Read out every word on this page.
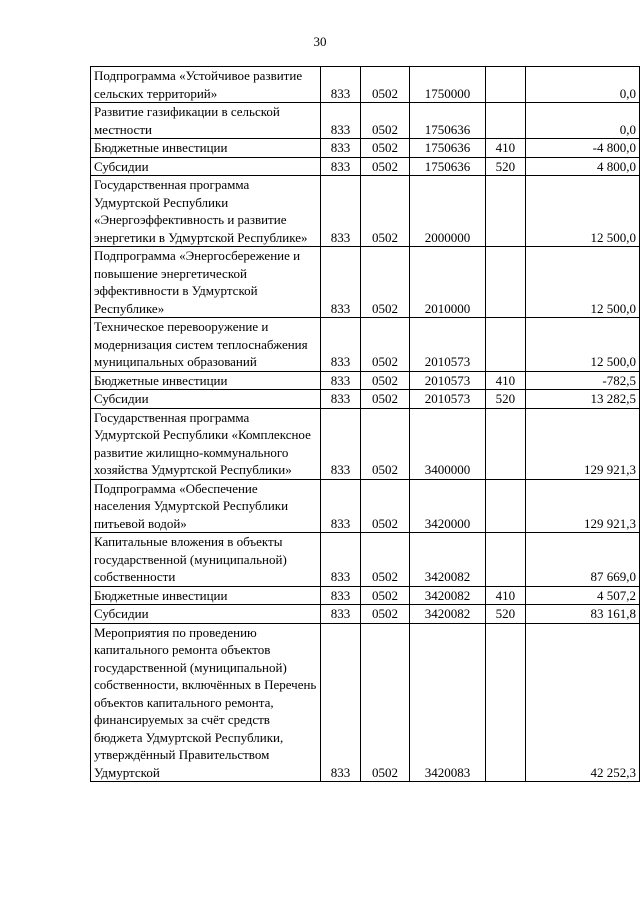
30
Подпрограмма «Устойчивое развитие сельских территорий»	833	0502	1750000		0,0
Развитие газификации в сельской местности	833	0502	1750636		0,0
Бюджетные инвестиции	833	0502	1750636	410	-4 800,0
Субсидии	833	0502	1750636	520	4 800,0
Государственная программа Удмуртской Республики «Энергоэффективность и развитие энергетики в Удмуртской Республике»	833	0502	2000000		12 500,0
Подпрограмма «Энергосбережение и повышение энергетической эффективности в Удмуртской Республике»	833	0502	2010000		12 500,0
Техническое перевооружение и модернизация систем теплоснабжения муниципальных образований	833	0502	2010573		12 500,0
Бюджетные инвестиции	833	0502	2010573	410	-782,5
Субсидии	833	0502	2010573	520	13 282,5
Государственная программа Удмуртской Республики «Комплексное развитие жилищно-коммунального хозяйства Удмуртской Республики»	833	0502	3400000		129 921,3
Подпрограмма «Обеспечение населения Удмуртской Республики питьевой водой»	833	0502	3420000		129 921,3
Капитальные вложения в объекты государственной (муниципальной) собственности	833	0502	3420082		87 669,0
Бюджетные инвестиции	833	0502	3420082	410	4 507,2
Субсидии	833	0502	3420082	520	83 161,8
Мероприятия по проведению капитального ремонта объектов государственной (муниципальной) собственности, включённых в Перечень объектов капитального ремонта, финансируемых за счёт средств бюджета Удмуртской Республики, утверждённый Правительством Удмуртской	833	0502	3420083		42 252,3
